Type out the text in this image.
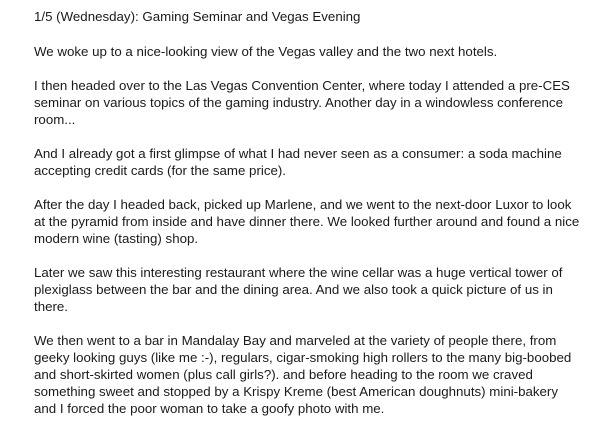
1/5 (Wednesday): Gaming Seminar and Vegas Evening
We woke up to a nice-looking view of the Vegas valley and the two next hotels.
I then headed over to the Las Vegas Convention Center, where today I attended a pre-CES
seminar on various topics of the gaming industry. Another day in a windowless conference
room...
And I already got a first glimpse of what I had never seen as a consumer: a soda machine
accepting credit cards (for the same price).
After the day I headed back, picked up Marlene, and we went to the next-door Luxor to look
at the pyramid from inside and have dinner there. We looked further around and found a nice
modern wine (tasting) shop.
Later we saw this interesting restaurant where the wine cellar was a huge vertical tower of
plexiglass between the bar and the dining area. And we also took a quick picture of us in
there.
We then went to a bar in Mandalay Bay and marveled at the variety of people there, from
geeky looking guys (like me :-), regulars, cigar-smoking high rollers to the many big-boobed
and short-skirted women (plus call girls?). and before heading to the room we craved
something sweet and stopped by a Krispy Kreme (best American doughnuts) mini-bakery
and I forced the poor woman to take a goofy photo with me.
